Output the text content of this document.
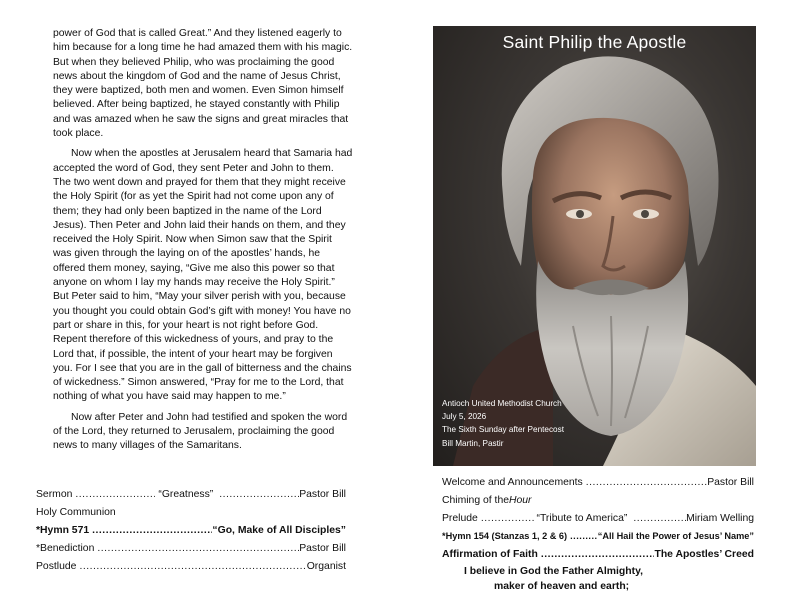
power of God that is called Great.” And they listened eagerly to him because for a long time he had amazed them with his magic. But when they believed Philip, who was proclaiming the good news about the kingdom of God and the name of Jesus Christ, they were baptized, both men and women. Even Simon himself believed. After being baptized, he stayed constantly with Philip and was amazed when he saw the signs and great miracles that took place.

Now when the apostles at Jerusalem heard that Samaria had accepted the word of God, they sent Peter and John to them. The two went down and prayed for them that they might receive the Holy Spirit (for as yet the Spirit had not come upon any of them; they had only been baptized in the name of the Lord Jesus). Then Peter and John laid their hands on them, and they received the Holy Spirit. Now when Simon saw that the Spirit was given through the laying on of the apostles’ hands, he offered them money, saying, “Give me also this power so that anyone on whom I lay my hands may receive the Holy Spirit.” But Peter said to him, “May your silver perish with you, because you thought you could obtain God’s gift with money! You have no part or share in this, for your heart is not right before God. Repent therefore of this wickedness of yours, and pray to the Lord that, if possible, the intent of your heart may be forgiven you. For I see that you are in the gall of bitterness and the chains of wickedness.” Simon answered, “Pray for me to the Lord, that nothing of what you have said may happen to me.”

Now after Peter and John had testified and spoken the word of the Lord, they returned to Jerusalem, proclaiming the good news to many villages of the Samaritans.

Sermon .....	“Greatness” .....	Pastor Bill
Holy Communion
*Hymn 571 .....	“Go, Make of All Disciples”
*Benediction .....	Pastor Bill
Postlude .....	Organist
Saint Philip the Apostle
Antioch United Methodist Church
July 5, 2026
The Sixth Sunday after Pentecost
Bill Martin, Pastir
Welcome and Announcements .....	Pastor Bill
Chiming of the Hour
Prelude .....	“Tribute to America” .....	Miriam Welling
*Hymn 154 (Stanzas 1, 2 & 6) .....	“All Hail the Power of Jesus’ Name”
Affirmation of Faith .....	The Apostles’ Creed
I believe in God the Father Almighty,
maker of heaven and earth;
